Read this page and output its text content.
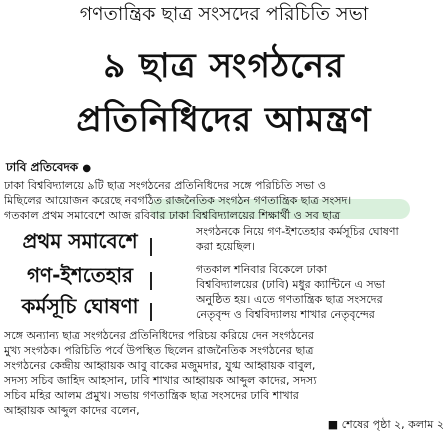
গণতান্ত্রিক ছাত্র সংসদের পরিচিতি সভা
৯ ছাত্র সংগঠনের
প্রতিনিধিদের আমন্ত্রণ
ঢাবি প্রতিবেদক ●
ঢাকা বিশ্ববিদ্যালয়ে ৯টি ছাত্র সংগঠনের প্রতিনিধিদের সঙ্গে পরিচিতি সভা ও
মিছিলের আয়োজন করেছে নবগঠিত রাজনৈতিক সংগঠন গণতান্ত্রিক ছাত্র সংসদ।
গতকাল প্রথম সমাবেশে আজ রবিবার ঢাকা বিশ্ববিদ্যালয়ের শিক্ষার্থী ও সব ছাত্র
প্রথম সমাবেশে
গণ-ইশতেহার
কর্মসূচি ঘোষণা
সংগঠনকে নিয়ে গণ-ইশতেহার কর্মসূচির ঘোষণা
করা হয়েছিল।
গতকাল শনিবার বিকেলে ঢাকা
বিশ্ববিদ্যালয়ের (ঢাবি) মধুর ক্যান্টিনে এ সভা
অনুষ্ঠিত হয়। এতে গণতান্ত্রিক ছাত্র সংসদের
নেতৃবৃন্দ ও বিশ্ববিদ্যালয় শাখার নেতৃবৃন্দের
সঙ্গে অন্যান্য ছাত্র সংগঠনের প্রতিনিধিদের পরিচয় করিয়ে দেন সংগঠনের
মুখ্য সংগঠক। পরিচিতি পর্বে উপস্থিত ছিলেন রাজনৈতিক সংগঠনের ছাত্র
সংগঠনের কেন্দ্রীয় আহ্বায়ক আবু বাকের মজুমদার, যুগ্ম আহ্বায়ক বাবুল,
সদস্য সচিব জাহিদ আহসান, ঢাবি শাখার আহ্বায়ক আব্দুল কাদের, সদস্য
সচিব মহির আলম প্রমুখ। সভায় গণতান্ত্রিক ছাত্র সংসদের ঢাবি শাখার
আহ্বায়ক আব্দুল কাদের বলেন,
■ শেষের পৃষ্ঠা ২, কলাম ২
